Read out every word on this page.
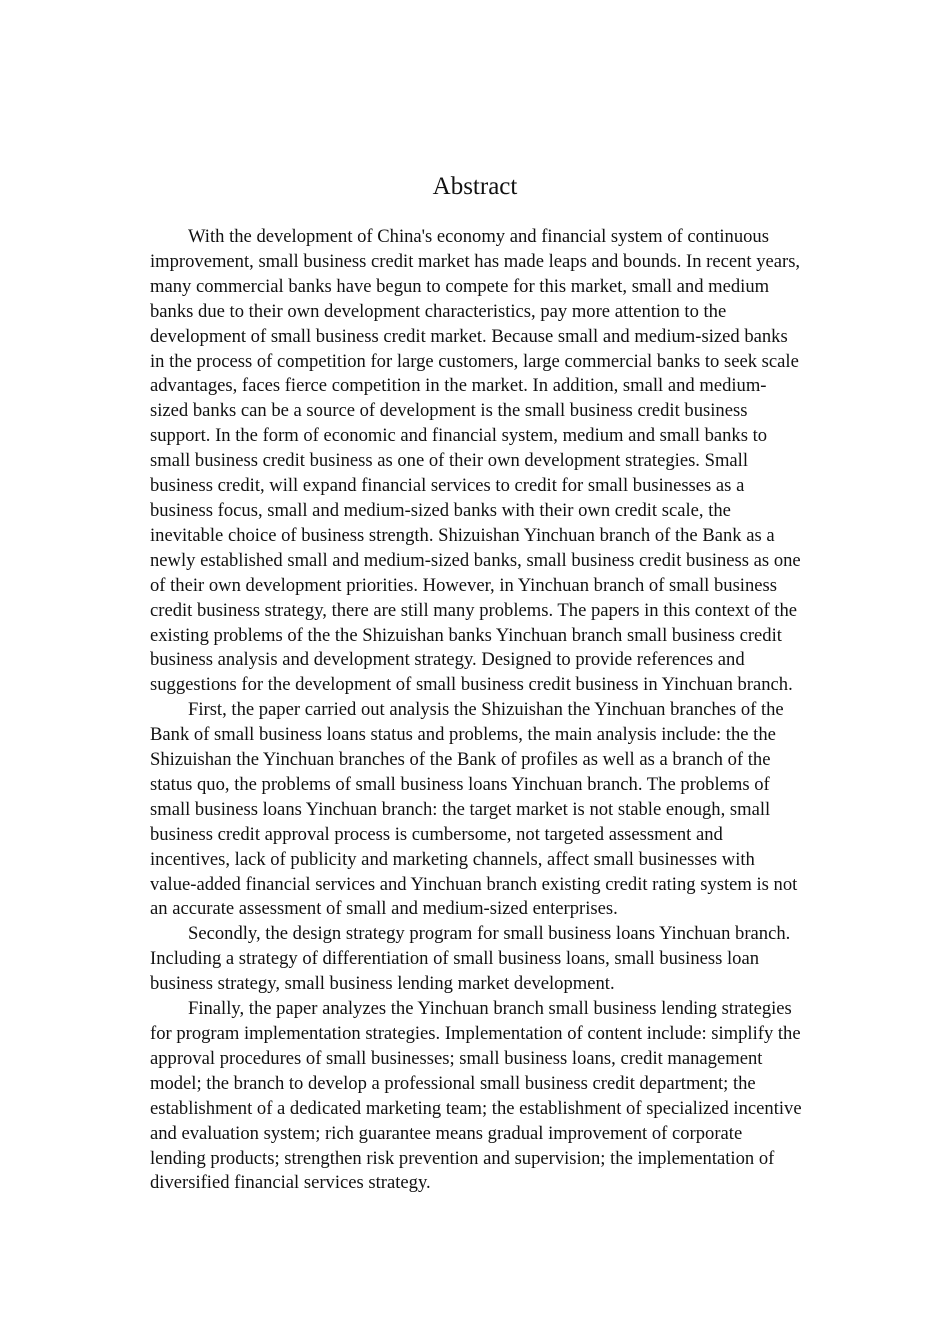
Abstract

With the development of China's economy and financial system of continuous improvement, small business credit market has made leaps and bounds. In recent years, many commercial banks have begun to compete for this market, small and medium banks due to their own development characteristics, pay more attention to the development of small business credit market. Because small and medium-sized banks in the process of competition for large customers, large commercial banks to seek scale advantages, faces fierce competition in the market. In addition, small and medium-sized banks can be a source of development is the small business credit business support. In the form of economic and financial system, medium and small banks to small business credit business as one of their own development strategies. Small business credit, will expand financial services to credit for small businesses as a business focus, small and medium-sized banks with their own credit scale, the inevitable choice of business strength. Shizuishan Yinchuan branch of the Bank as a newly established small and medium-sized banks, small business credit business as one of their own development priorities. However, in Yinchuan branch of small business credit business strategy, there are still many problems. The papers in this context of the existing problems of the the Shizuishan banks Yinchuan branch small business credit business analysis and development strategy. Designed to provide references and suggestions for the development of small business credit business in Yinchuan branch.

First, the paper carried out analysis the Shizuishan the Yinchuan branches of the Bank of small business loans status and problems, the main analysis include: the the Shizuishan the Yinchuan branches of the Bank of profiles as well as a branch of the status quo, the problems of small business loans Yinchuan branch. The problems of small business loans Yinchuan branch: the target market is not stable enough, small business credit approval process is cumbersome, not targeted assessment and incentives, lack of publicity and marketing channels, affect small businesses with value-added financial services and Yinchuan branch existing credit rating system is not an accurate assessment of small and medium-sized enterprises.

Secondly, the design strategy program for small business loans Yinchuan branch. Including a strategy of differentiation of small business loans, small business loan business strategy, small business lending market development.

Finally, the paper analyzes the Yinchuan branch small business lending strategies for program implementation strategies. Implementation of content include: simplify the approval procedures of small businesses; small business loans, credit management model; the branch to develop a professional small business credit department; the establishment of a dedicated marketing team; the establishment of specialized incentive and evaluation system; rich guarantee means gradual improvement of corporate lending products; strengthen risk prevention and supervision; the implementation of diversified financial services strategy.
